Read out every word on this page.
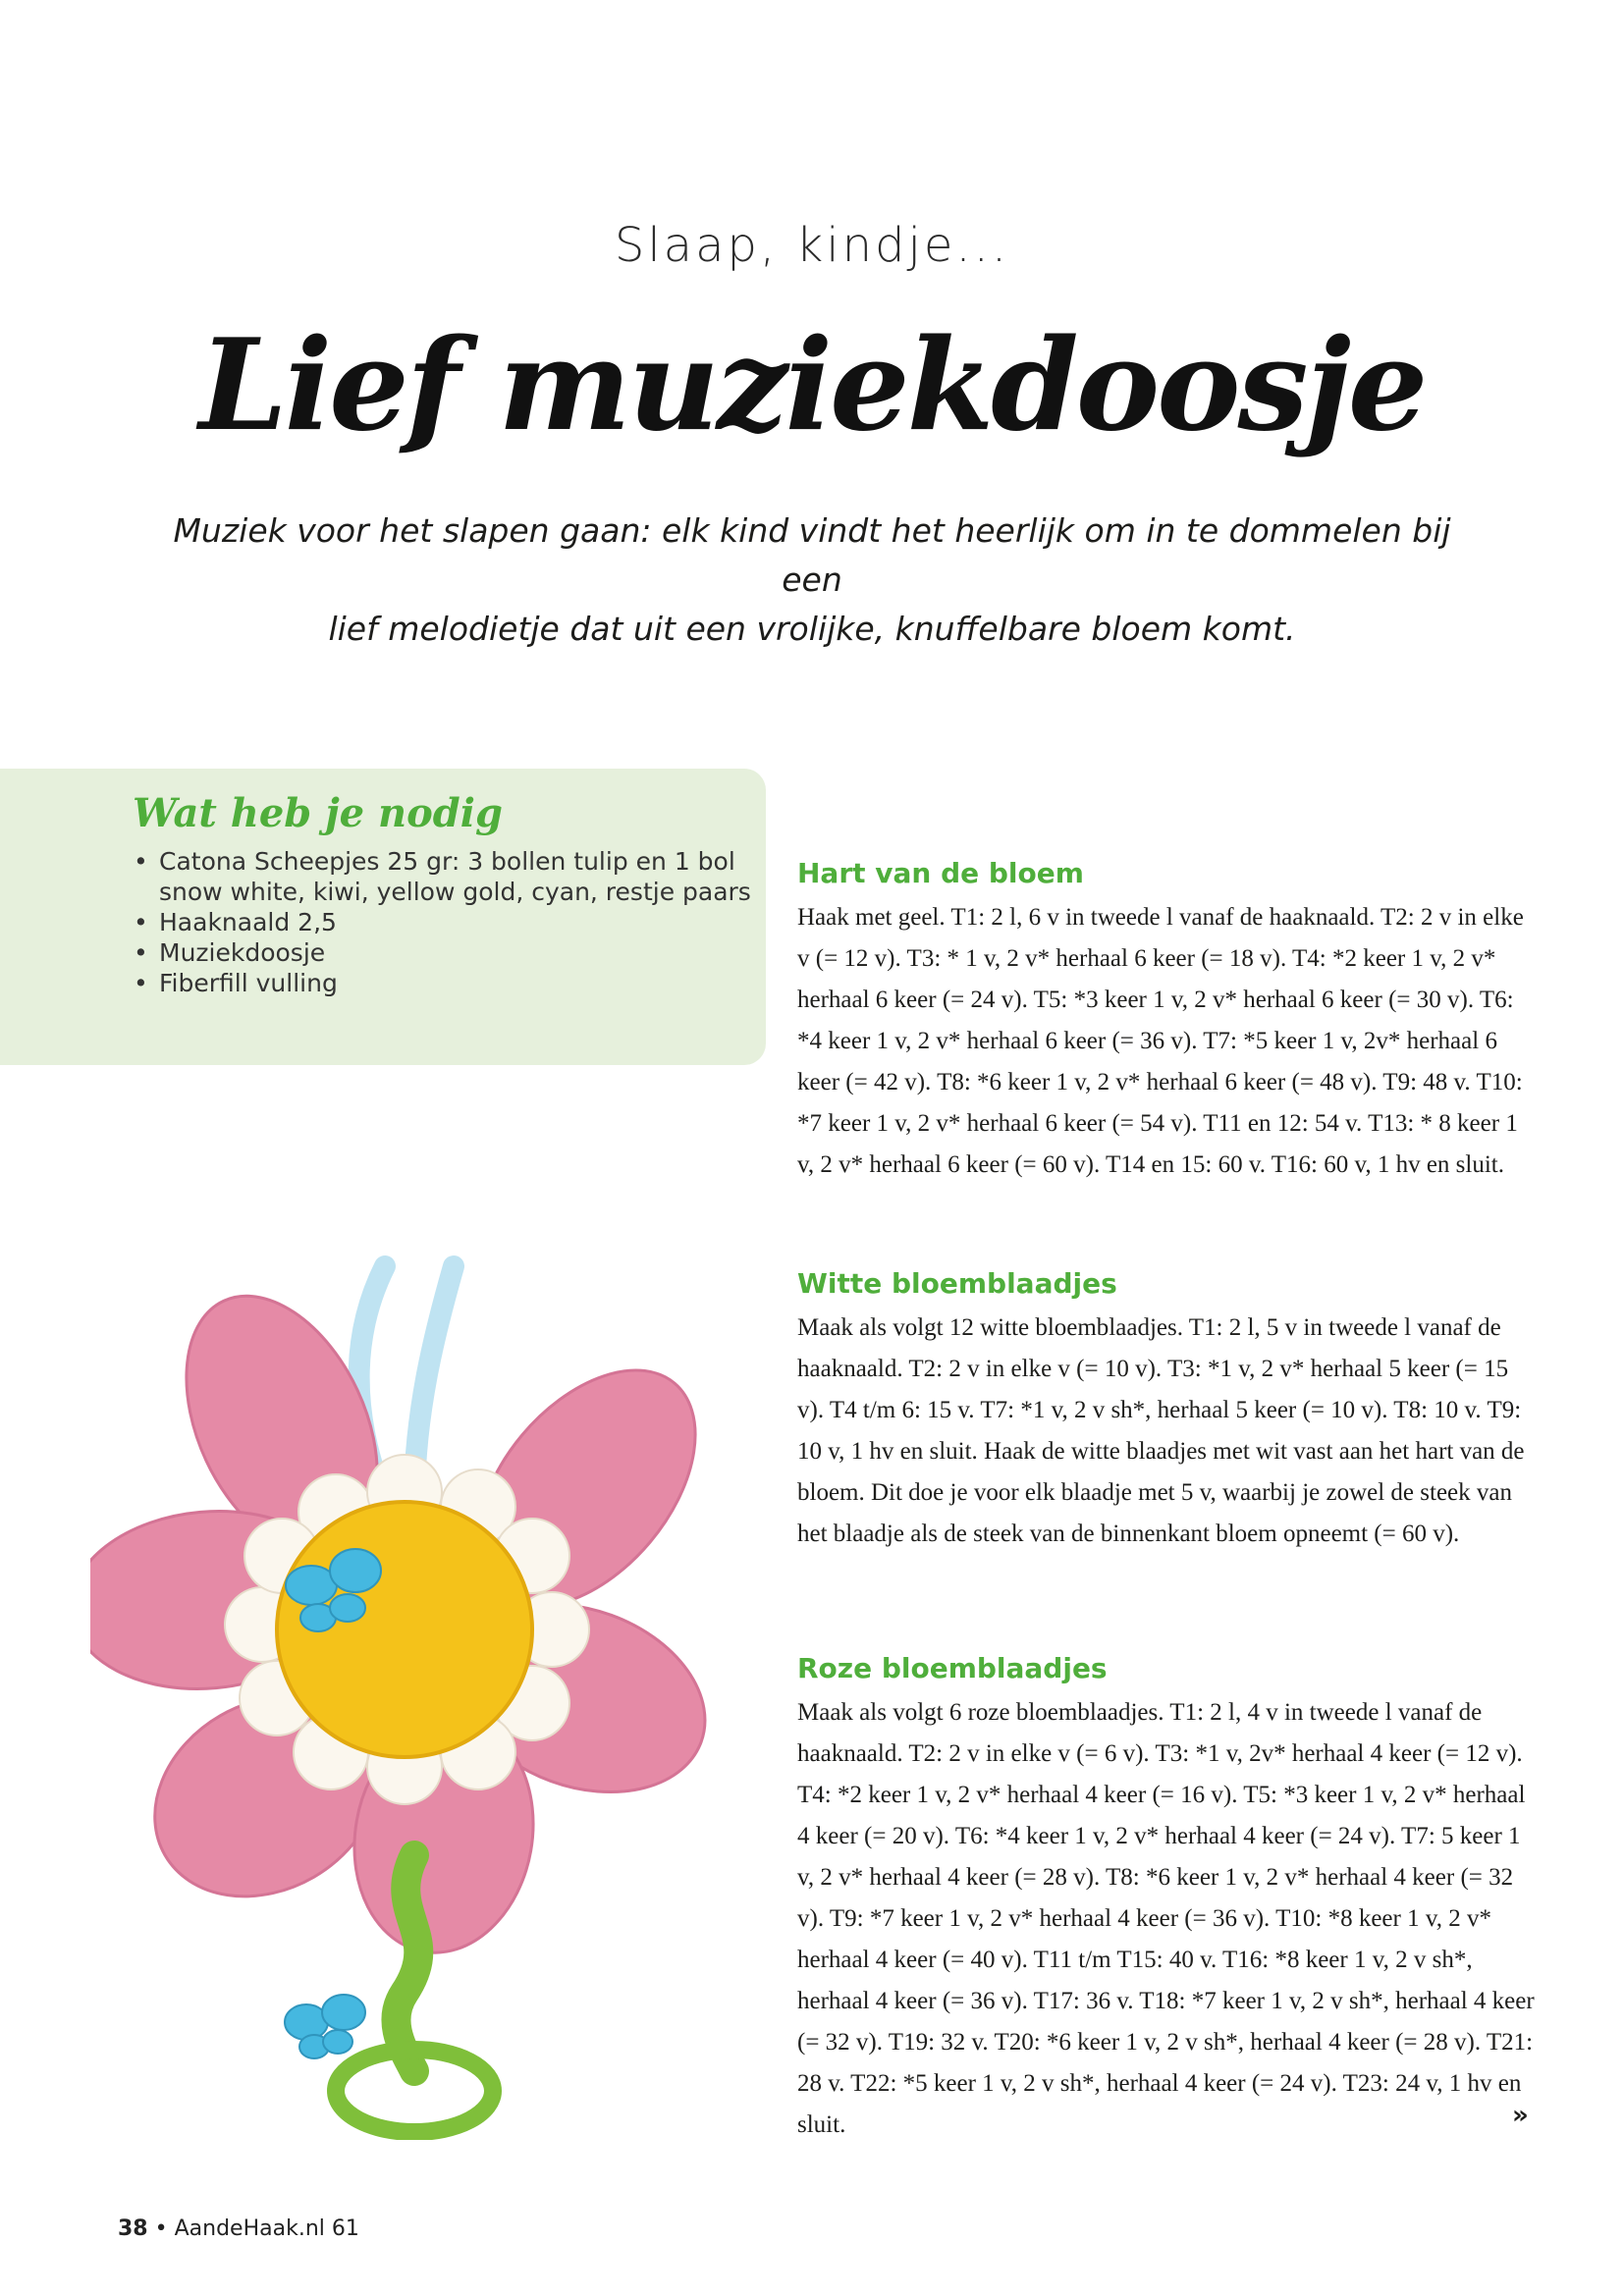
Slaap, kindje...
Lief muziekdoosje
Muziek voor het slapen gaan: elk kind vindt het heerlijk om in te dommelen bij een
lief melodietje dat uit een vrolijke, knuffelbare bloem komt.
Wat heb je nodig
• Catona Scheepjes 25 gr: 3 bollen tulip en 1 bol snow white, kiwi, yellow gold, cyan, restje paars
• Haaknaald 2,5
• Muziekdoosje
• Fiberfill vulling
Hart van de bloem

Haak met geel. T1: 2 l, 6 v in tweede l vanaf de haaknaald. T2: 2 v in elke v (= 12 v). T3: * 1 v, 2 v* herhaal 6 keer (= 18 v). T4: *2 keer 1 v, 2 v* herhaal 6 keer (= 24 v). T5: *3 keer 1 v, 2 v* herhaal 6 keer (= 30 v). T6: *4 keer 1 v, 2 v* herhaal 6 keer (= 36 v). T7: *5 keer 1 v, 2v* herhaal 6 keer (= 42 v). T8: *6 keer 1 v, 2 v* herhaal 6 keer (= 48 v). T9: 48 v. T10: *7 keer 1 v, 2 v* herhaal 6 keer (= 54 v). T11 en 12: 54 v. T13: * 8 keer 1 v, 2 v* herhaal 6 keer (= 60 v). T14 en 15: 60 v. T16: 60 v, 1 hv en sluit.

Witte bloemblaadjes

Maak als volgt 12 witte bloemblaadjes. T1: 2 l, 5 v in tweede l vanaf de haaknaald. T2: 2 v in elke v (= 10 v). T3: *1 v, 2 v* herhaal 5 keer (= 15 v). T4 t/m 6: 15 v. T7: *1 v, 2 v sh*, herhaal 5 keer (= 10 v). T8: 10 v. T9: 10 v, 1 hv en sluit. Haak de witte blaadjes met wit vast aan het hart van de bloem. Dit doe je voor elk blaadje met 5 v, waarbij je zowel de steek van het blaadje als de steek van de binnenkant bloem opneemt (= 60 v).

Roze bloemblaadjes

Maak als volgt 6 roze bloemblaadjes. T1: 2 l, 4 v in tweede l vanaf de haaknaald. T2: 2 v in elke v (= 6 v). T3: *1 v, 2v* herhaal 4 keer (= 12 v). T4: *2 keer 1 v, 2 v* herhaal 4 keer (= 16 v). T5: *3 keer 1 v, 2 v* herhaal 4 keer (= 20 v). T6: *4 keer 1 v, 2 v* herhaal 4 keer (= 24 v). T7: 5 keer 1 v, 2 v* herhaal 4 keer (= 28 v). T8: *6 keer 1 v, 2 v* herhaal 4 keer (= 32 v). T9: *7 keer 1 v, 2 v* herhaal 4 keer (= 36 v). T10: *8 keer 1 v, 2 v* herhaal 4 keer (= 40 v). T11 t/m T15: 40 v. T16: *8 keer 1 v, 2 v sh*, herhaal 4 keer (= 36 v). T17: 36 v. T18: *7 keer 1 v, 2 v sh*, herhaal 4 keer (= 32 v). T19: 32 v. T20: *6 keer 1 v, 2 v sh*, herhaal 4 keer (= 28 v). T21: 28 v. T22: *5 keer 1 v, 2 v sh*, herhaal 4 keer (= 24 v). T23: 24 v, 1 hv en sluit.	»
38 • AandeHaak.nl 61
